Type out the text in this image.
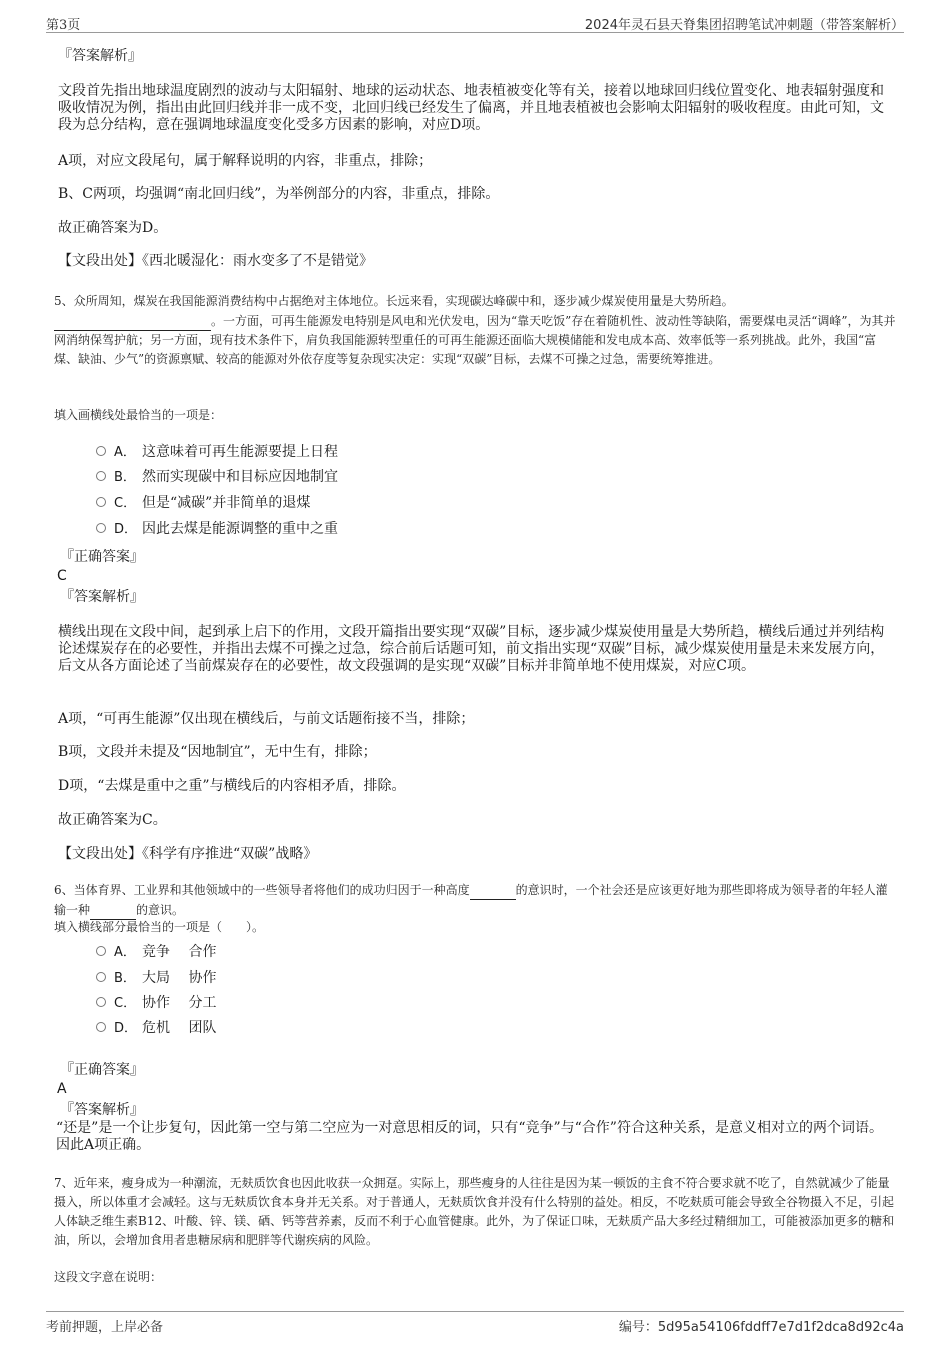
第3页	2024年灵石县天脊集团招聘笔试冲刺题（带答案解析）
『答案解析』
文段首先指出地球温度剧烈的波动与太阳辐射、地球的运动状态、地表植被变化等有关，接着以地球回归线位置变化、地表辐射强度和吸收情况为例，指出由此回归线并非一成不变，北回归线已经发生了偏离，并且地表植被也会影响太阳辐射的吸收程度。由此可知，文段为总分结构，意在强调地球温度变化受多方因素的影响，对应D项。
A项，对应文段尾句，属于解释说明的内容，非重点，排除；
B、C两项，均强调“南北回归线”，为举例部分的内容，非重点，排除。
故正确答案为D。
【文段出处】《西北暖湿化：雨水变多了不是错觉》
5、众所周知，煤炭在我国能源消费结构中占据绝对主体地位。长远来看，实现碳达峰碳中和，逐步减少煤炭使用量是大势所趋。
。一方面，可再生能源发电特别是风电和光伏发电，因为“靠天吃饭”存在着随机性、波动性等缺陷，需要煤电灵活“调峰”，为其并网消纳保驾护航；另一方面，现有技术条件下，肩负我国能源转型重任的可再生能源还面临大规模储能和发电成本高、效率低等一系列挑战。此外，我国“富煤、缺油、少气”的资源禀赋、较高的能源对外依存度等复杂现实决定：实现“双碳”目标，去煤不可操之过急，需要统筹推进。
填入画横线处最恰当的一项是：
A． 这意味着可再生能源要提上日程
B． 然而实现碳中和目标应因地制宜
C． 但是“减碳”并非简单的退煤
D． 因此去煤是能源调整的重中之重
『正确答案』
C
『答案解析』
横线出现在文段中间，起到承上启下的作用，文段开篇指出要实现“双碳”目标，逐步减少煤炭使用量是大势所趋，横线后通过并列结构论述煤炭存在的必要性，并指出去煤不可操之过急，综合前后话题可知，前文指出实现“双碳”目标，减少煤炭使用量是未来发展方向，后文从各方面论述了当前煤炭存在的必要性，故文段强调的是实现“双碳”目标并非简单地不使用煤炭，对应C项。
A项，“可再生能源”仅出现在横线后，与前文话题衔接不当，排除；
B项，文段并未提及“因地制宜”，无中生有，排除；
D项，“去煤是重中之重”与横线后的内容相矛盾，排除。
故正确答案为C。
【文段出处】《科学有序推进“双碳”战略》
6、当体育界、工业界和其他领域中的一些领导者将他们的成功归因于一种高度	的意识时，一个社会还是应该更好地为那些即将成为领导者的年轻人灌输一种	的意识。
填入横线部分最恰当的一项是（　　）。
A． 竞争　 合作
B． 大局　 协作
C． 协作　 分工
D． 危机　 团队
『正确答案』
A
『答案解析』
“还是”是一个让步复句，因此第一空与第二空应为一对意思相反的词，只有“竞争”与“合作”符合这种关系，是意义相对立的两个词语。因此A项正确。
7、近年来，瘦身成为一种潮流，无麸质饮食也因此收获一众拥趸。实际上，那些瘦身的人往往是因为某一顿饭的主食不符合要求就不吃了，自然就减少了能量摄入，所以体重才会减轻。这与无麸质饮食本身并无关系。对于普通人，无麸质饮食并没有什么特别的益处。相反，不吃麸质可能会导致全谷物摄入不足，引起人体缺乏维生素B12、叶酸、锌、镁、硒、钙等营养素，反而不利于心血管健康。此外，为了保证口味，无麸质产品大多经过精细加工，可能被添加更多的糖和油，所以，会增加食用者患糖尿病和肥胖等代谢疾病的风险。
这段文字意在说明：
考前押题，上岸必备	编号：5d95a54106fddff7e7d1f2dca8d92c4a
